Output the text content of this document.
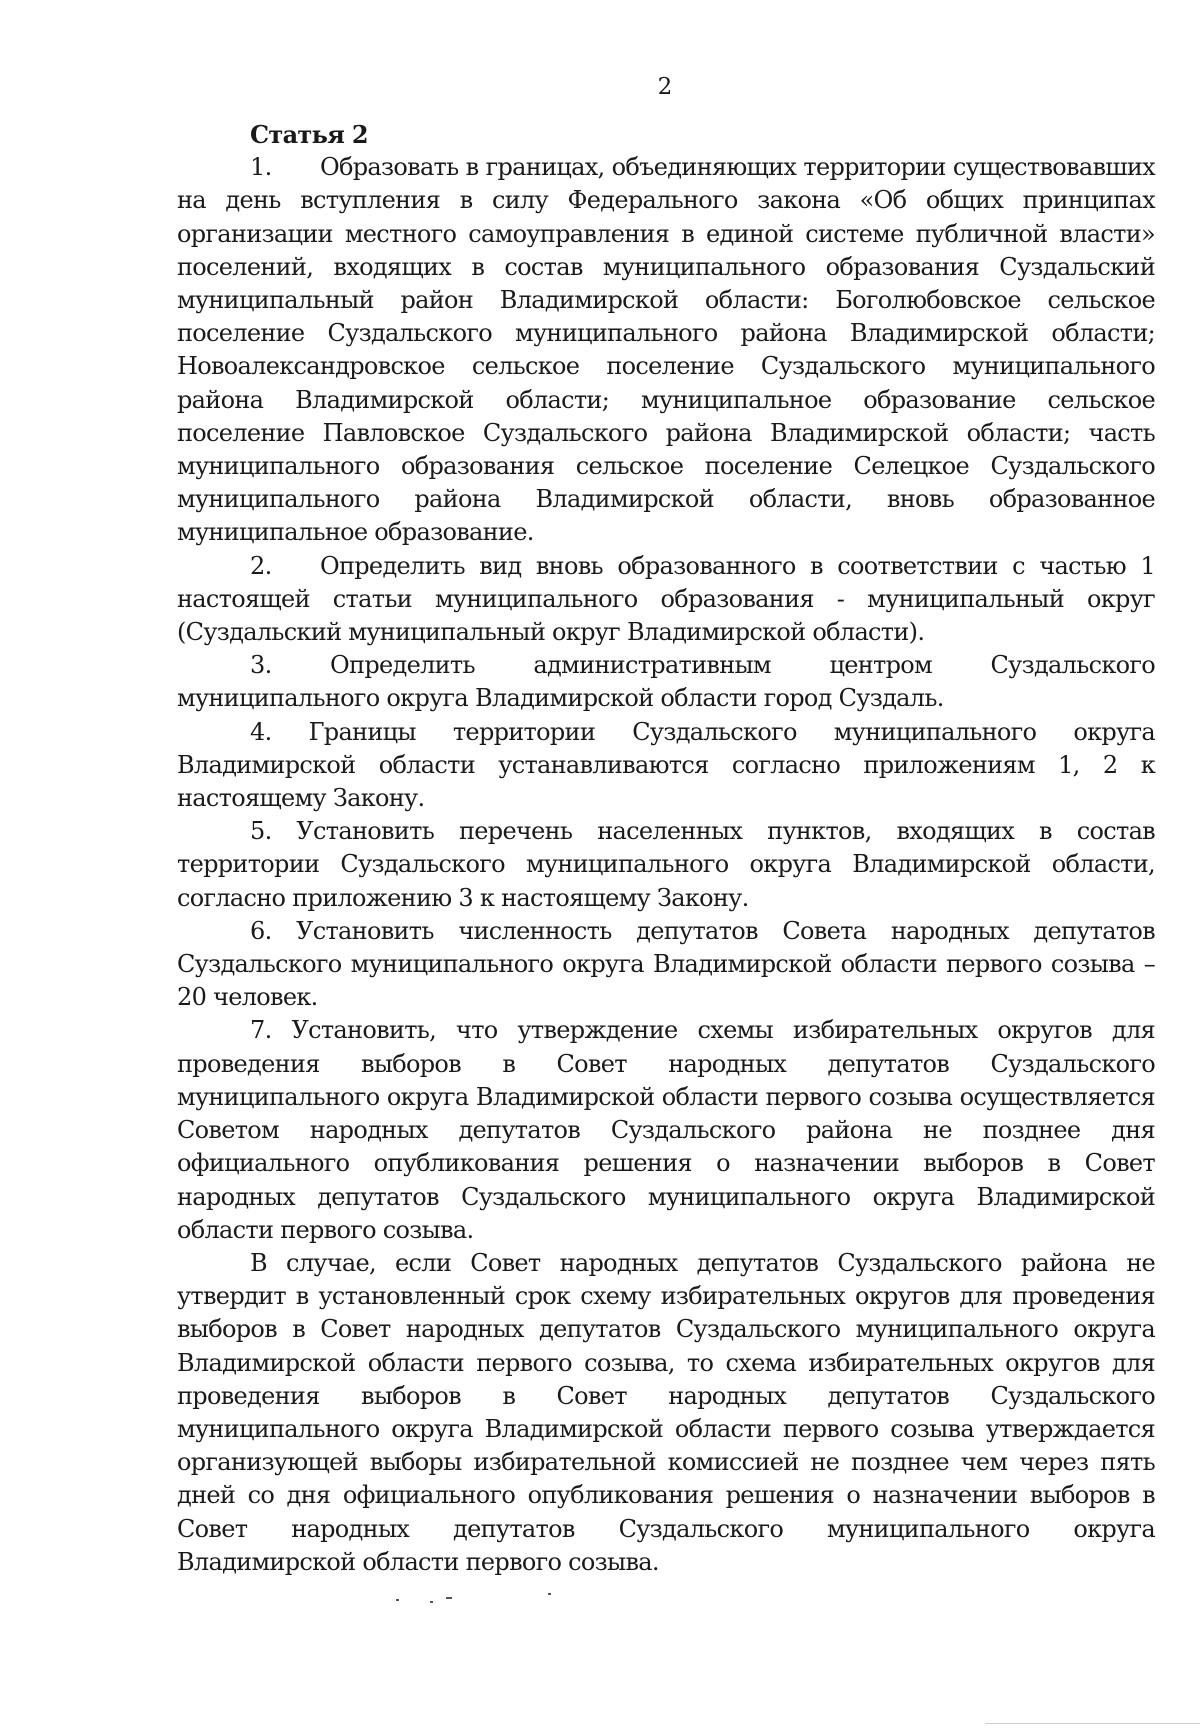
2

Статья 2

1. Образовать в границах, объединяющих территории существовавших на день вступления в силу Федерального закона «Об общих принципах организации местного самоуправления в единой системе публичной власти» поселений, входящих в состав муниципального образования Суздальский муниципальный район Владимирской области: Боголюбовское сельское поселение Суздальского муниципального района Владимирской области; Новоалександровское сельское поселение Суздальского муниципального района Владимирской области; муниципальное образование сельское поселение Павловское Суздальского района Владимирской области; часть муниципального образования сельское поселение Селецкое Суздальского муниципального района Владимирской области, вновь образованное муниципальное образование.

2. Определить вид вновь образованного в соответствии с частью 1 настоящей статьи муниципального образования - муниципальный округ (Суздальский муниципальный округ Владимирской области).

3. Определить административным центром Суздальского муниципального округа Владимирской области город Суздаль.

4. Границы территории Суздальского муниципального округа Владимирской области устанавливаются согласно приложениям 1, 2 к настоящему Закону.

5. Установить перечень населенных пунктов, входящих в состав территории Суздальского муниципального округа Владимирской области, согласно приложению 3 к настоящему Закону.

6. Установить численность депутатов Совета народных депутатов Суздальского муниципального округа Владимирской области первого созыва – 20 человек.

7. Установить, что утверждение схемы избирательных округов для проведения выборов в Совет народных депутатов Суздальского муниципального округа Владимирской области первого созыва осуществляется Советом народных депутатов Суздальского района не позднее дня официального опубликования решения о назначении выборов в Совет народных депутатов Суздальского муниципального округа Владимирской области первого созыва.

В случае, если Совет народных депутатов Суздальского района не утвердит в установленный срок схему избирательных округов для проведения выборов в Совет народных депутатов Суздальского муниципального округа Владимирской области первого созыва, то схема избирательных округов для проведения выборов в Совет народных депутатов Суздальского муниципального округа Владимирской области первого созыва утверждается организующей выборы избирательной комиссией не позднее чем через пять дней со дня официального опубликования решения о назначении выборов в Совет народных депутатов Суздальского муниципального округа Владимирской области первого созыва.
